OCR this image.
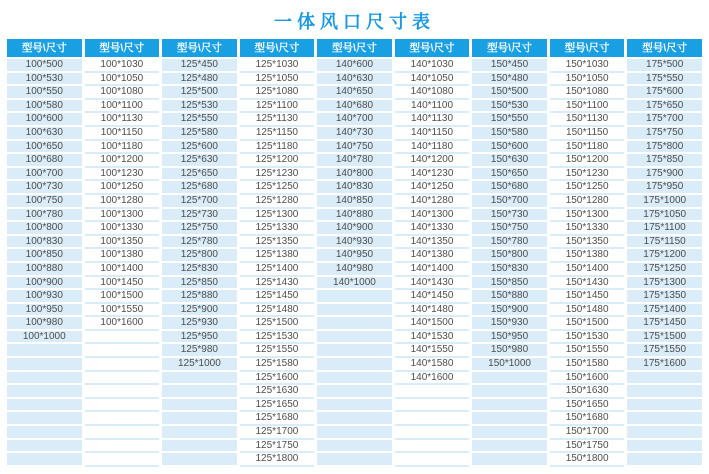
一体风口尺寸表
型号\尺寸	型号\尺寸	型号\尺寸	型号\尺寸	型号\尺寸	型号\尺寸	型号\尺寸	型号\尺寸	型号\尺寸
100*500	100*1030	125*450	125*1030	140*600	140*1030	150*450	150*1030	175*500
100*530	100*1050	125*480	125*1050	140*630	140*1050	150*480	150*1050	175*550
100*550	100*1080	125*500	125*1080	140*650	140*1080	150*500	150*1080	175*600
100*580	100*1100	125*530	125*1100	140*680	140*1100	150*530	150*1100	175*650
100*600	100*1130	125*550	125*1130	140*700	140*1130	150*550	150*1130	175*700
100*630	100*1150	125*580	125*1150	140*730	140*1150	150*580	150*1150	175*750
100*650	100*1180	125*600	125*1180	140*750	140*1180	150*600	150*1180	175*800
100*680	100*1200	125*630	125*1200	140*780	140*1200	150*630	150*1200	175*850
100*700	100*1230	125*650	125*1230	140*800	140*1230	150*650	150*1230	175*900
100*730	100*1250	125*680	125*1250	140*830	140*1250	150*680	150*1250	175*950
100*750	100*1280	125*700	125*1280	140*850	140*1280	150*700	150*1280	175*1000
100*780	100*1300	125*730	125*1300	140*880	140*1300	150*730	150*1300	175*1050
100*800	100*1330	125*750	125*1330	140*900	140*1330	150*750	150*1330	175*1100
100*830	100*1350	125*780	125*1350	140*930	140*1350	150*780	150*1350	175*1150
100*850	100*1380	125*800	125*1380	140*950	140*1380	150*800	150*1380	175*1200
100*880	100*1400	125*830	125*1400	140*980	140*1400	150*830	150*1400	175*1250
100*900	100*1450	125*850	125*1430	140*1000	140*1430	150*850	150*1430	175*1300
100*930	100*1500	125*880	125*1450		140*1450	150*880	150*1450	175*1350
100*950	100*1550	125*900	125*1480		140*1480	150*900	150*1480	175*1400
100*980	100*1600	125*930	125*1500		140*1500	150*930	150*1500	175*1450
100*1000		125*950	125*1530		140*1530	150*950	150*1530	175*1500
		125*980	125*1550		140*1550	150*980	150*1550	175*1550
		125*1000	125*1580		140*1580	150*1000	150*1580	175*1600
			125*1600		140*1600		150*1600	
			125*1630				150*1630	
			125*1650				150*1650	
			125*1680				150*1680	
			125*1700				150*1700	
			125*1750				150*1750	
			125*1800				150*1800	
